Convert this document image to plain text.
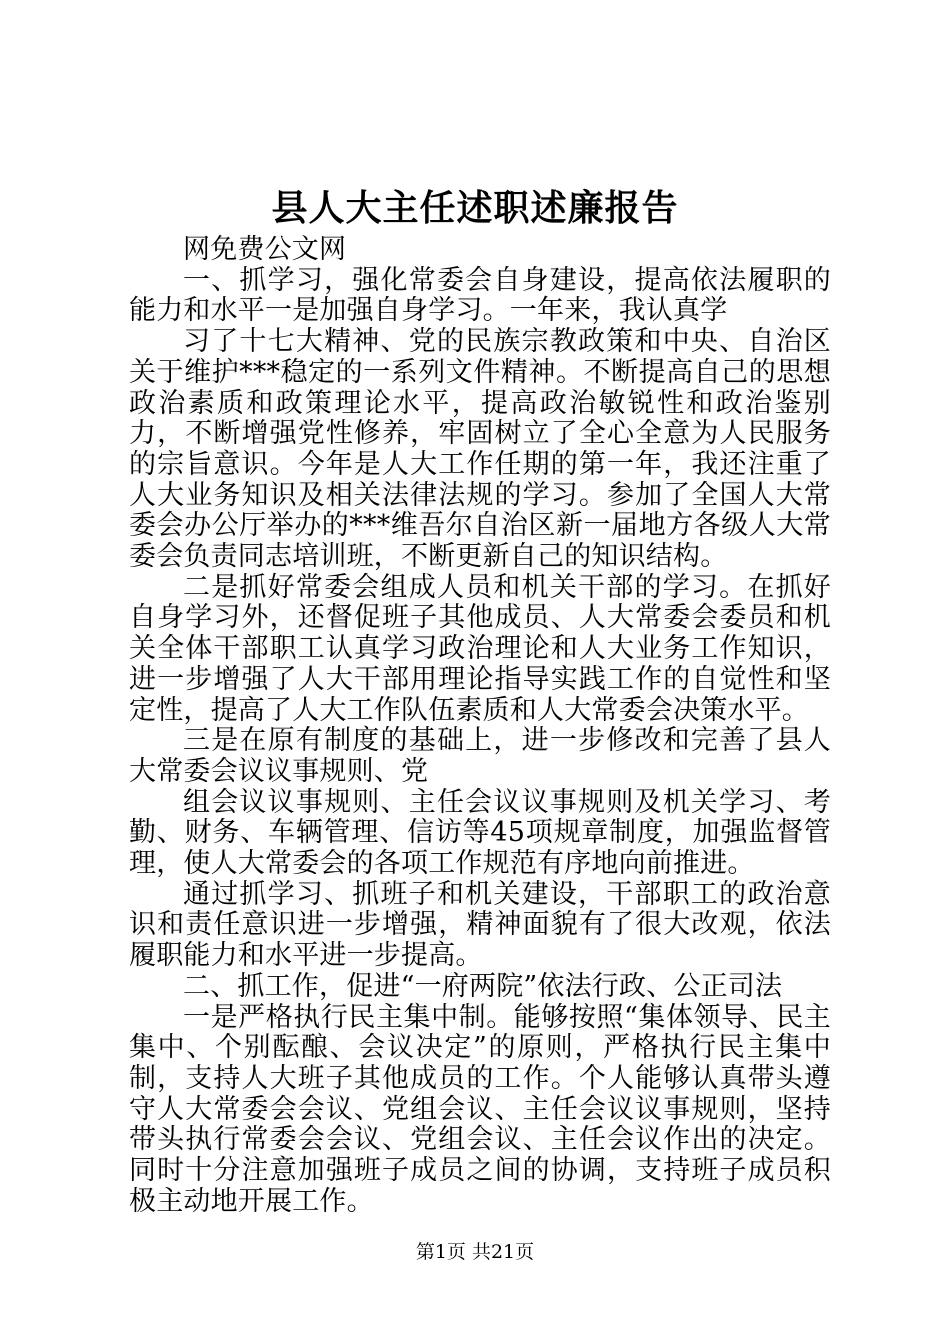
县人大主任述职述廉报告

网免费公文网

一、抓学习，强化常委会自身建设，提高依法履职的能力和水平一是加强自身学习。一年来，我认真学

习了十七大精神、党的民族宗教政策和中央、自治区关于维护***稳定的一系列文件精神。不断提高自己的思想政治素质和政策理论水平，提高政治敏锐性和政治鉴别力，不断增强党性修养，牢固树立了全心全意为人民服务的宗旨意识。今年是人大工作任期的第一年，我还注重了人大业务知识及相关法律法规的学习。参加了全国人大常委会办公厅举办的***维吾尔自治区新一届地方各级人大常委会负责同志培训班，不断更新自己的知识结构。

二是抓好常委会组成人员和机关干部的学习。在抓好自身学习外，还督促班子其他成员、人大常委会委员和机关全体干部职工认真学习政治理论和人大业务工作知识，进一步增强了人大干部用理论指导实践工作的自觉性和坚定性，提高了人大工作队伍素质和人大常委会决策水平。

三是在原有制度的基础上，进一步修改和完善了县人大常委会议议事规则、党

组会议议事规则、主任会议议事规则及机关学习、考勤、财务、车辆管理、信访等45项规章制度，加强监督管理，使人大常委会的各项工作规范有序地向前推进。

通过抓学习、抓班子和机关建设，干部职工的政治意识和责任意识进一步增强，精神面貌有了很大改观，依法履职能力和水平进一步提高。

二、抓工作，促进“一府两院”依法行政、公正司法

一是严格执行民主集中制。能够按照“集体领导、民主集中、个别酝酿、会议决定”的原则，严格执行民主集中制，支持人大班子其他成员的工作。个人能够认真带头遵守人大常委会会议、党组会议、主任会议议事规则，坚持带头执行常委会会议、党组会议、主任会议作出的决定。同时十分注意加强班子成员之间的协调，支持班子成员积极主动地开展工作。

第1页 共21页
